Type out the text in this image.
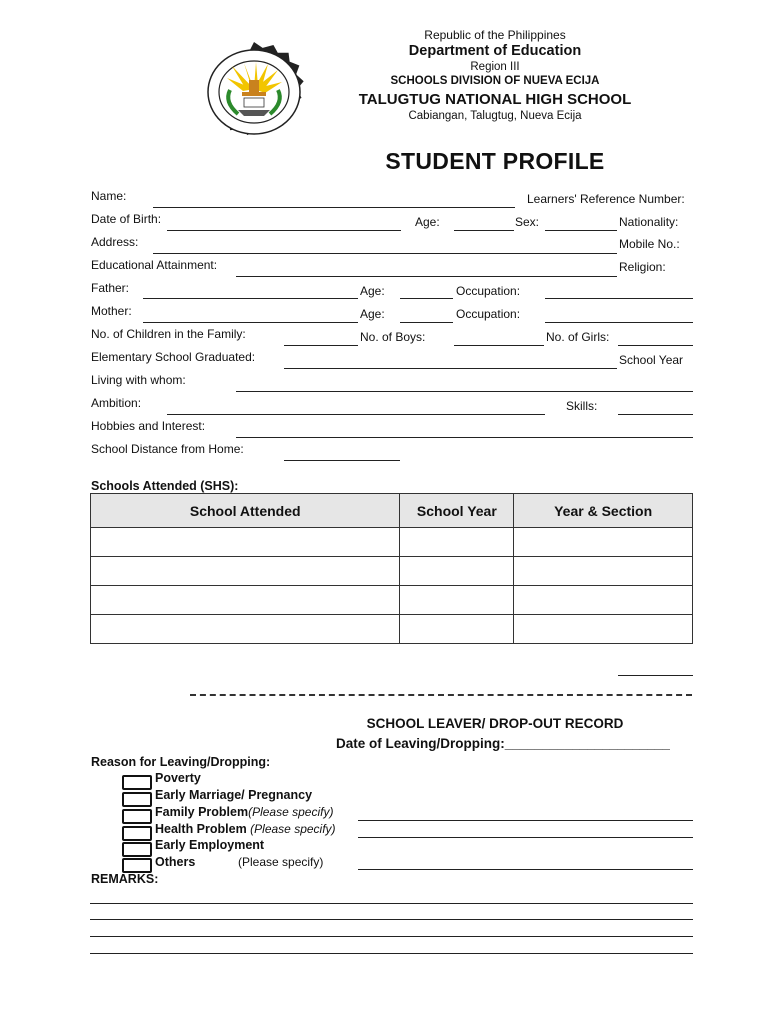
Republic of the Philippines
Department of Education
Region III
SCHOOLS DIVISION OF NUEVA ECIJA
TALUGTUG NATIONAL HIGH SCHOOL
Cabiangan, Talugtug, Nueva Ecija
STUDENT PROFILE
Name:	Learners' Reference Number:
Date of Birth:	Age:	Sex:	Nationality:
Address:	Mobile No.:
Educational Attainment:	Religion:
Father:	Age:	Occupation:
Mother:	Age:	Occupation:
No. of Children in the Family:	No. of Boys:	No. of Girls:
Elementary School Graduated:	School Year
Living with whom:
Ambition:	Skills:
Hobbies and Interest:
School Distance from Home:
Schools Attended (SHS):
School Attended	School Year	Year & Section

SCHOOL LEAVER/ DROP-OUT RECORD
Date of Leaving/Dropping:______________________
Reason for Leaving/Dropping:
Poverty
Early Marriage/ Pregnancy
Family Problem(Please specify)
Health Problem (Please specify)
Early Employment
Others	(Please specify)
REMARKS:
